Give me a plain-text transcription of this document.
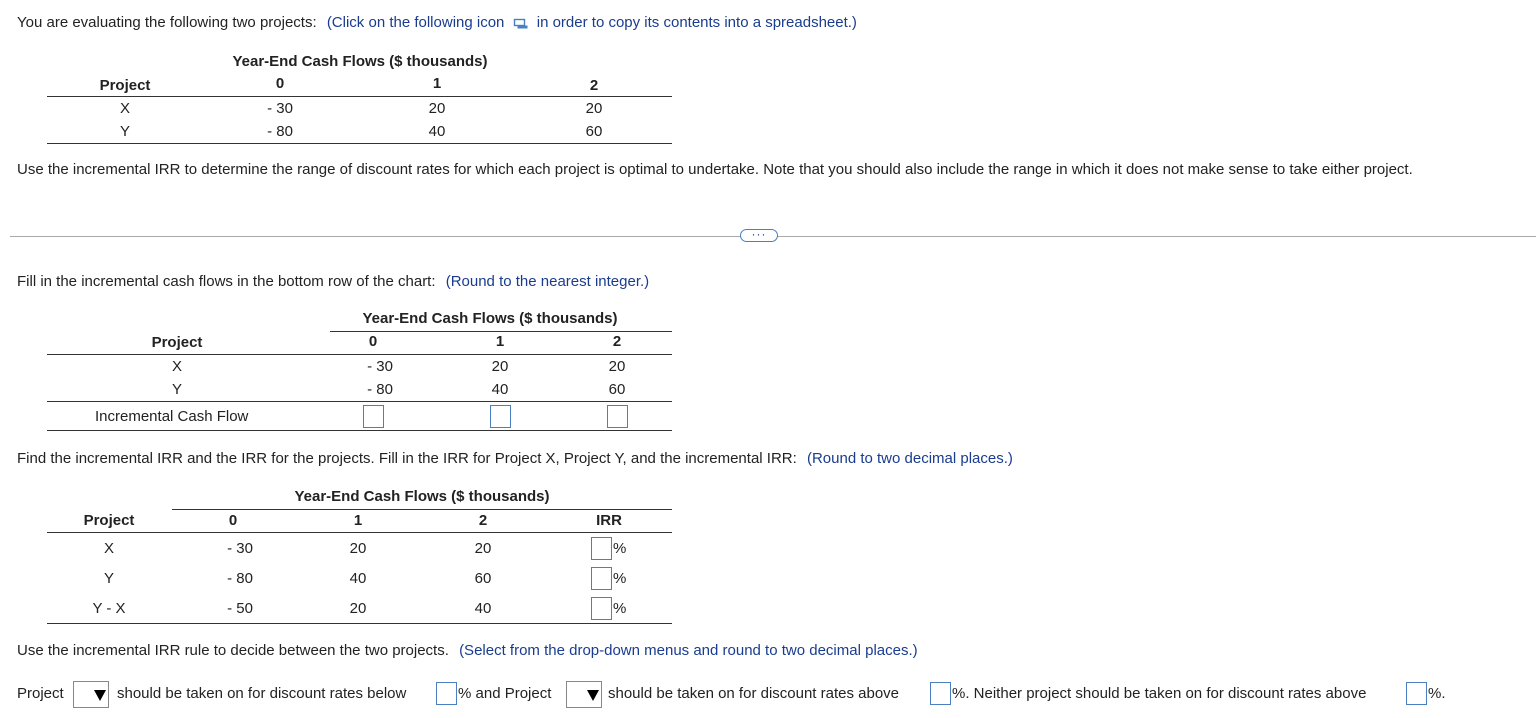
You are evaluating the following two projects: (Click on the following icon in order to copy its contents into a spreadsheet.)
Year-End Cash Flows ($ thousands)
Project	0	1	2
X	- 30	20	20
Y	- 80	40	60
Use the incremental IRR to determine the range of discount rates for which each project is optimal to undertake. Note that you should also include the range in which it does not make sense to take either project.
···
Fill in the incremental cash flows in the bottom row of the chart: (Round to the nearest integer.)
Year-End Cash Flows ($ thousands)
Project	0	1	2
X	- 30	20	20
Y	- 80	40	60
Incremental Cash Flow
Find the incremental IRR and the IRR for the projects. Fill in the IRR for Project X, Project Y, and the incremental IRR: (Round to two decimal places.)
Year-End Cash Flows ($ thousands)
Project	0	1	2	IRR
X	- 30	20	20	%
Y	- 80	40	60	%
Y - X	- 50	20	40	%
Use the incremental IRR rule to decide between the two projects. (Select from the drop-down menus and round to two decimal places.)
Project	should be taken on for discount rates below	% and Project	should be taken on for discount rates above	%. Neither project should be taken on for discount rates above	%.
